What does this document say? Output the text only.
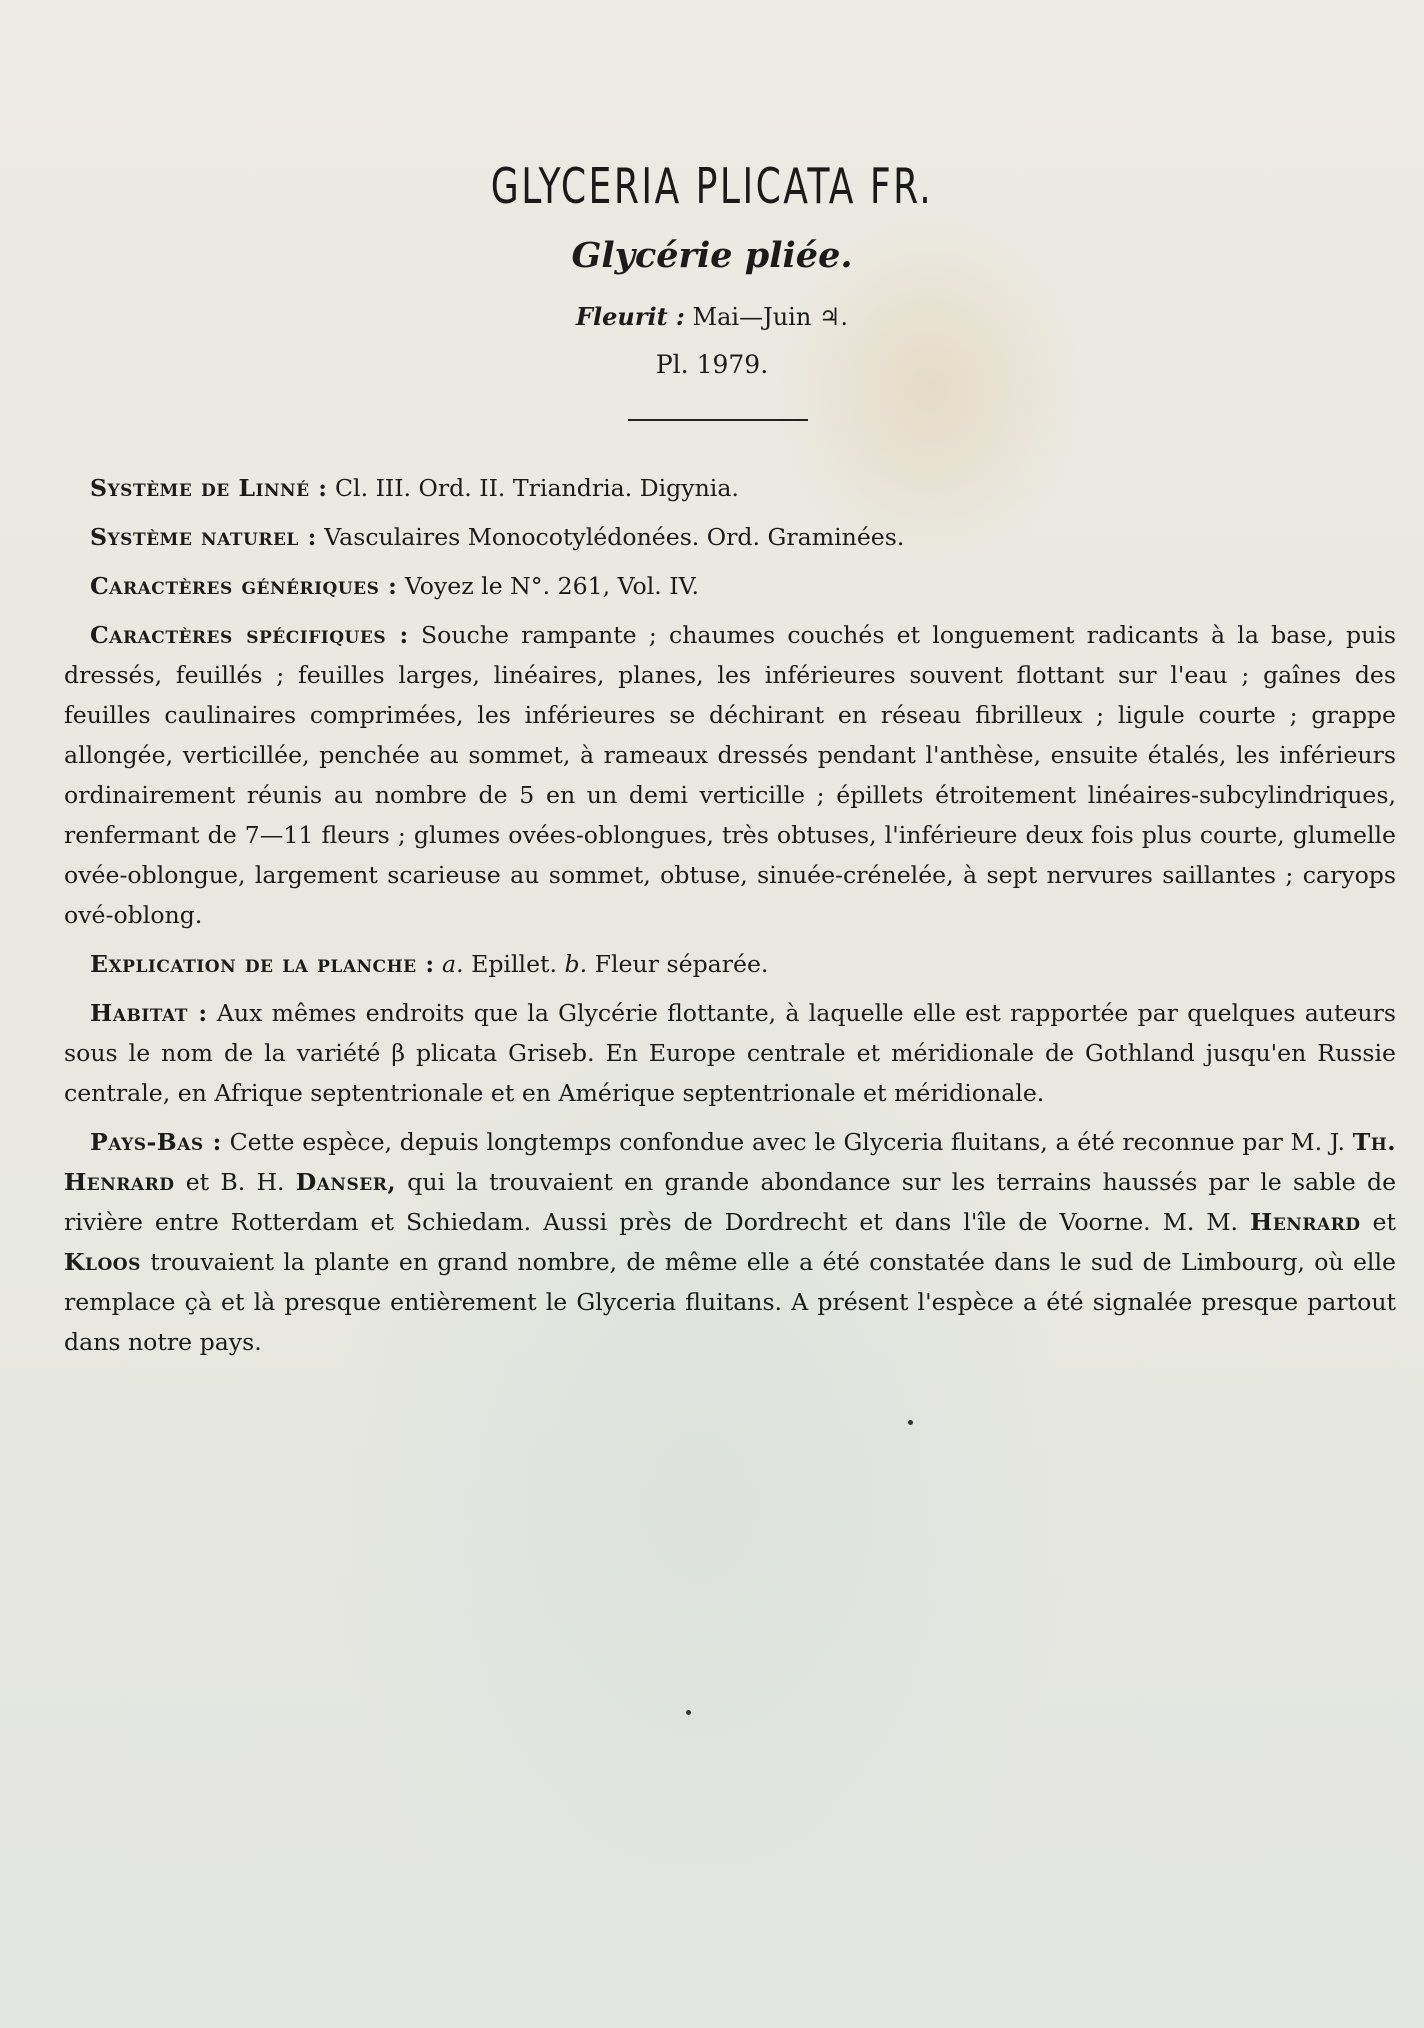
GLYCERIA PLICATA FR.
Glycérie pliée.
Fleurit : Mai—Juin ♃.
Pl. 1979.

Système de Linné : Cl. III. Ord. II. Triandria. Digynia.

Système naturel : Vasculaires Monocotylédonées. Ord. Graminées.

Caractères génériques : Voyez le N°. 261, Vol. IV.

Caractères spécifiques : Souche rampante ; chaumes couchés et longuement radicants à la base, puis dressés, feuillés ; feuilles larges, linéaires, planes, les inférieures souvent flottant sur l'eau ; gaînes des feuilles caulinaires comprimées, les inférieures se déchirant en réseau fibrilleux ; ligule courte ; grappe allongée, verticillée, penchée au sommet, à rameaux dressés pendant l'anthèse, ensuite étalés, les inférieurs ordinairement réunis au nombre de 5 en un demi verticille ; épillets étroitement linéaires-subcylindriques, renfermant de 7—11 fleurs ; glumes ovées-oblongues, très obtuses, l'inférieure deux fois plus courte, glumelle ovée-oblongue, largement scarieuse au sommet, obtuse, sinuée-crénelée, à sept nervures saillantes ; caryops ové-oblong.

Explication de la planche : a. Epillet. b. Fleur séparée.

Habitat : Aux mêmes endroits que la Glycérie flottante, à laquelle elle est rapportée par quelques auteurs sous le nom de la variété β plicata Griseb. En Europe centrale et méridionale de Gothland jusqu'en Russie centrale, en Afrique septentrionale et en Amérique septentrionale et méridionale.

Pays-Bas : Cette espèce, depuis longtemps confondue avec le Glyceria fluitans, a été reconnue par M. J. Th. Henrard et B. H. Danser, qui la trouvaient en grande abondance sur les terrains haussés par le sable de rivière entre Rotterdam et Schiedam. Aussi près de Dordrecht et dans l'île de Voorne. M. M. Henrard et Kloos trouvaient la plante en grand nombre, de même elle a été constatée dans le sud de Limbourg, où elle remplace çà et là presque entièrement le Glyceria fluitans. A présent l'espèce a été signalée presque partout dans notre pays.
